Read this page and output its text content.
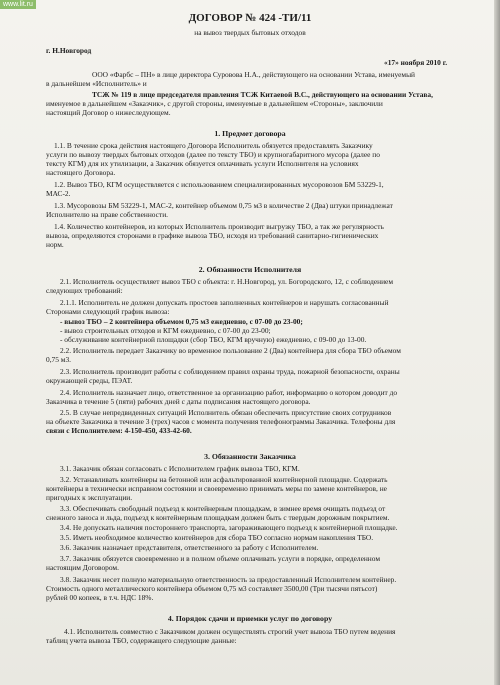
www.lit.ru
ДОГОВОР № 424 -ТИ/11
на вывоз твердых бытовых отходов
г. Н.Новгород
«17» ноября 2010 г.
ООО «Фарбс – ПН» в лице директора Суровова Н.А., действующего на основании Устава, именуемый
в дальнейшем «Исполнитель» и
ТСЖ № 119 в лице председателя правления ТСЖ Китаевой В.С., действующего на основании Устава,
именуемое в дальнейшем «Заказчик», с другой стороны, именуемые в дальнейшем «Стороны», заключили
настоящий Договор о нижеследующем.
1. Предмет договора
1.1. В течение срока действия настоящего Договора Исполнитель обязуется предоставлять Заказчику
услуги по вывозу твердых бытовых отходов (далее по тексту ТБО) и крупногабаритного мусора (далее по
тексту КГМ) для их утилизации, а Заказчик обязуется оплачивать услуги Исполнителя на условиях
настоящего Договора.
1.2. Вывоз ТБО, КГМ осуществляется с использованием специализированных мусоровозов БМ 53229-1,
МАС-2.
1.3. Мусоровозы БМ 53229-1, МАС-2, контейнер объемом 0,75 м3 в количестве 2 (Два) штуки принадлежат
Исполнителю на праве собственности.
1.4. Количество контейнеров, из которых Исполнитель производит выгрузку ТБО, а так же регулярность
вывоза, определяются сторонами в графике вывоза ТБО, исходя из требований санитарно-гигиенических
норм.
2. Обязанности Исполнителя
2.1. Исполнитель осуществляет вывоз ТБО с объекта: г. Н.Новгород, ул. Богородского, 12, с соблюдением
следующих требований:
2.1.1. Исполнитель не должен допускать простоев заполненных контейнеров и нарушать согласованный
Сторонами следующий график вывоза:
- вывоз ТБО – 2 контейнера объемом 0,75 м3 ежедневно, с 07-00 до 23-00;
- вывоз строительных отходов и КГМ ежедневно, с 07-00 до 23-00;
- обслуживание контейнерной площадки (сбор ТБО, КГМ вручную) ежедневно, с 09-00 до 13-00.
2.2. Исполнитель передает Заказчику во временное пользование 2 (Два) контейнера для сбора ТБО объемом
0,75 м3.
2.3. Исполнитель производит работы с соблюдением правил охраны труда, пожарной безопасности, охраны
окружающей среды, ПЭАТ.
2.4. Исполнитель назначает лицо, ответственное за организацию работ, информацию о котором доводит до
Заказчика в течение 5 (пяти) рабочих дней с даты подписания настоящего договора.
2.5. В случае непредвиденных ситуаций Исполнитель обязан обеспечить присутствие своих сотрудников
на объекте Заказчика в течение 3 (трех) часов с момента получения телефонограммы Заказчика. Телефоны для
связи с Исполнителем: 4-150-450, 433-42-60.
3. Обязанности Заказчика
3.1. Заказчик обязан согласовать с Исполнителем график вывоза ТБО, КГМ.
3.2. Устанавливать контейнеры на бетонной или асфальтированной контейнерной площадке. Содержать
контейнеры в технически исправном состоянии и своевременно принимать меры по замене контейнеров, не
пригодных к эксплуатации.
3.3. Обеспечивать свободный подъезд к контейнерным площадкам, в зимнее время очищать подъезд от
снежного заноса и льда, подъезд к контейнерным площадкам должен быть с твердым дорожным покрытием.
3.4. Не допускать наличия постороннего транспорта, загораживающего подъезд к контейнерной площадке.
3.5. Иметь необходимое количество контейнеров для сбора ТБО согласно нормам накопления ТБО.
3.6. Заказчик назначает представителя, ответственного за работу с Исполнителем.
3.7. Заказчик обязуется своевременно и в полном объеме оплачивать услуги в порядке, определенном
настоящим Договором.
3.8. Заказчик несет полную материальную ответственность за предоставленный Исполнителем контейнер.
Стоимость одного металлического контейнера объемом 0,75 м3 составляет 3500,00 (Три тысячи пятьсот)
рублей 00 копеек, в т.ч. НДС 18%.
4. Порядок сдачи и приемки услуг по договору
4.1. Исполнитель совместно с Заказчиком должен осуществлять строгий учет вывоза ТБО путем ведения
таблиц учета вывоза ТБО, содержащего следующие данные:
